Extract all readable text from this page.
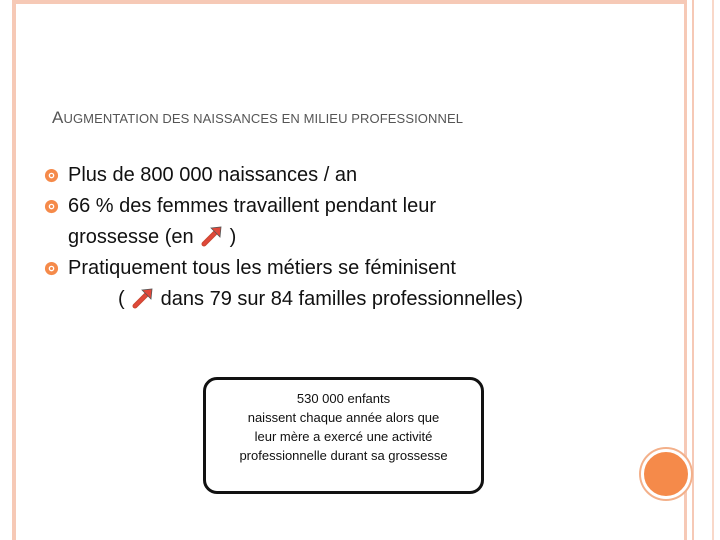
AUGMENTATION DES NAISSANCES EN MILIEU PROFESSIONNEL
Plus de 800 000 naissances / an
66 % des femmes travaillent pendant leur
grossesse (en )
Pratiquement tous les métiers se féminisent
( dans 79 sur 84 familles professionnelles)
530 000 enfants
naissent chaque année alors que
leur mère a exercé une activité
professionnelle durant sa grossesse
